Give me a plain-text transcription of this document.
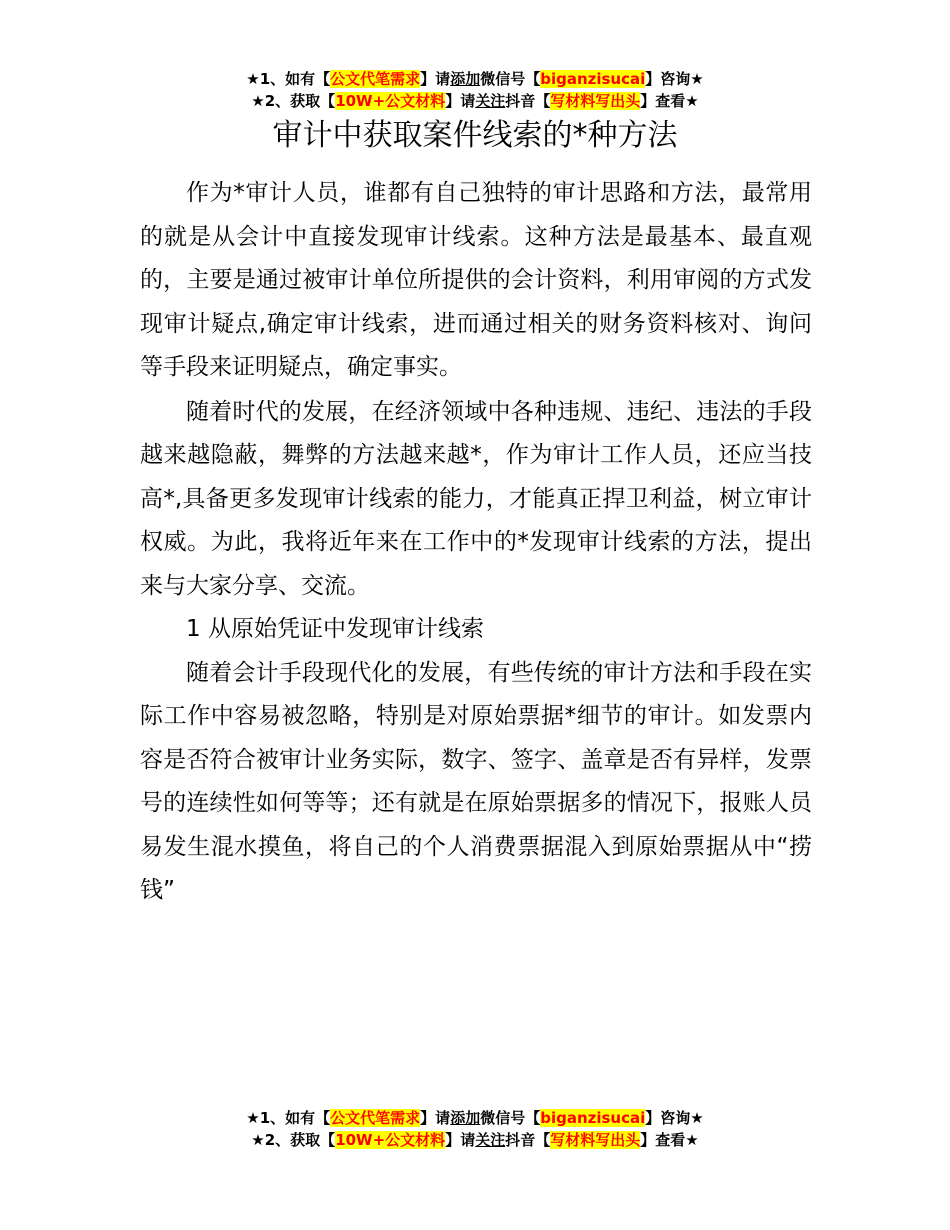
★1、如有【公文代笔需求】请添加微信号【biganzisucai】咨询★
★2、获取【10W+公文材料】请关注抖音【写材料写出头】查看★
审计中获取案件线索的*种方法

作为*审计人员，谁都有自己独特的审计思路和方法，最常用的就是从会计中直接发现审计线索。这种方法是最基本、最直观的，主要是通过被审计单位所提供的会计资料，利用审阅的方式发现审计疑点,确定审计线索，进而通过相关的财务资料核对、询问等手段来证明疑点，确定事实。

随着时代的发展，在经济领域中各种违规、违纪、违法的手段越来越隐蔽，舞弊的方法越来越*，作为审计工作人员，还应当技高*,具备更多发现审计线索的能力，才能真正捍卫利益，树立审计权威。为此，我将近年来在工作中的*发现审计线索的方法，提出来与大家分享、交流。

1 从原始凭证中发现审计线索

随着会计手段现代化的发展，有些传统的审计方法和手段在实际工作中容易被忽略，特别是对原始票据*细节的审计。如发票内容是否符合被审计业务实际，数字、签字、盖章是否有异样，发票号的连续性如何等等；还有就是在原始票据多的情况下，报账人员易发生混水摸鱼，将自己的个人消费票据混入到原始票据从中“捞钱”

★1、如有【公文代笔需求】请添加微信号【biganzisucai】咨询★
★2、获取【10W+公文材料】请关注抖音【写材料写出头】查看★
